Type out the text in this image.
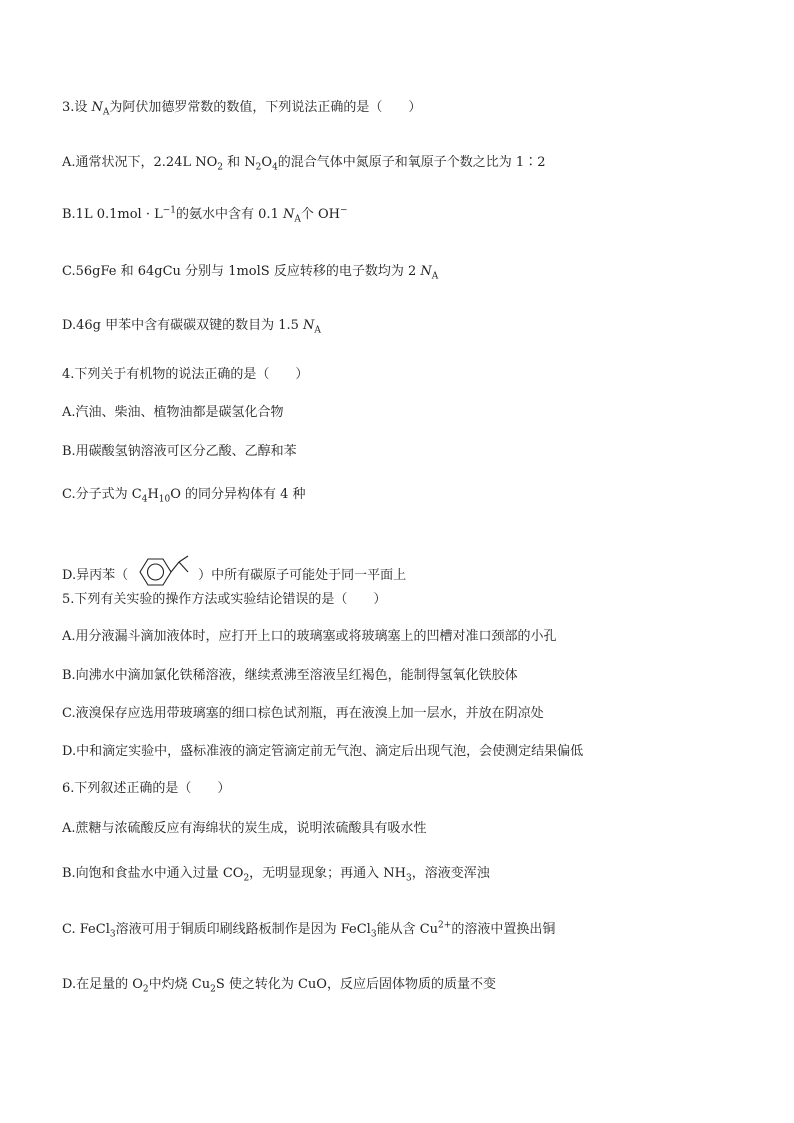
3.设 $N_A$为阿伏加德罗常数的数值，下列说法正确的是（　　）
A.通常状况下，2.24L $NO_2$ 和 $N_2O_4$的混合气体中氮原子和氧原子个数之比为 1∶2
B.1L $0.1mol \cdot L^{-1}$的氨水中含有 0.1 $N_A$个 OH−
C.56gFe 和 64gCu 分别与 1molS 反应转移的电子数均为 2 $N_A$
D.46g 甲苯中含有碳碳双键的数目为 1.5 $N_A$
4.下列关于有机物的说法正确的是（　　）
A.汽油、柴油、植物油都是碳氢化合物
B.用碳酸氢钠溶液可区分乙酸、乙醇和苯
C.分子式为 $C_4H_{10}O$ 的同分异构体有 4 种
D.异丙苯（	）中所有碳原子可能处于同一平面上
5.下列有关实验的操作方法或实验结论错误的是（　　）
A.用分液漏斗滴加液体时，应打开上口的玻璃塞或将玻璃塞上的凹槽对准口颈部的小孔
B.向沸水中滴加氯化铁稀溶液，继续煮沸至溶液呈红褐色，能制得氢氧化铁胶体
C.液溴保存应选用带玻璃塞的细口棕色试剂瓶，再在液溴上加一层水，并放在阴凉处
D.中和滴定实验中，盛标准液的滴定管滴定前无气泡、滴定后出现气泡，会使测定结果偏低
6.下列叙述正确的是（　　）
A.蔗糖与浓硫酸反应有海绵状的炭生成，说明浓硫酸具有吸水性
B.向饱和食盐水中通入过量 $CO_2$，无明显现象；再通入 $NH_3$，溶液变浑浊
C. FeCl$_3$溶液可用于铜质印刷线路板制作是因为 FeCl$_3$能从含 $Cu^{2+}$的溶液中置换出铜
D.在足量的 $O_2$中灼烧 $Cu_2S$ 使之转化为 CuO，反应后固体物质的质量不变
